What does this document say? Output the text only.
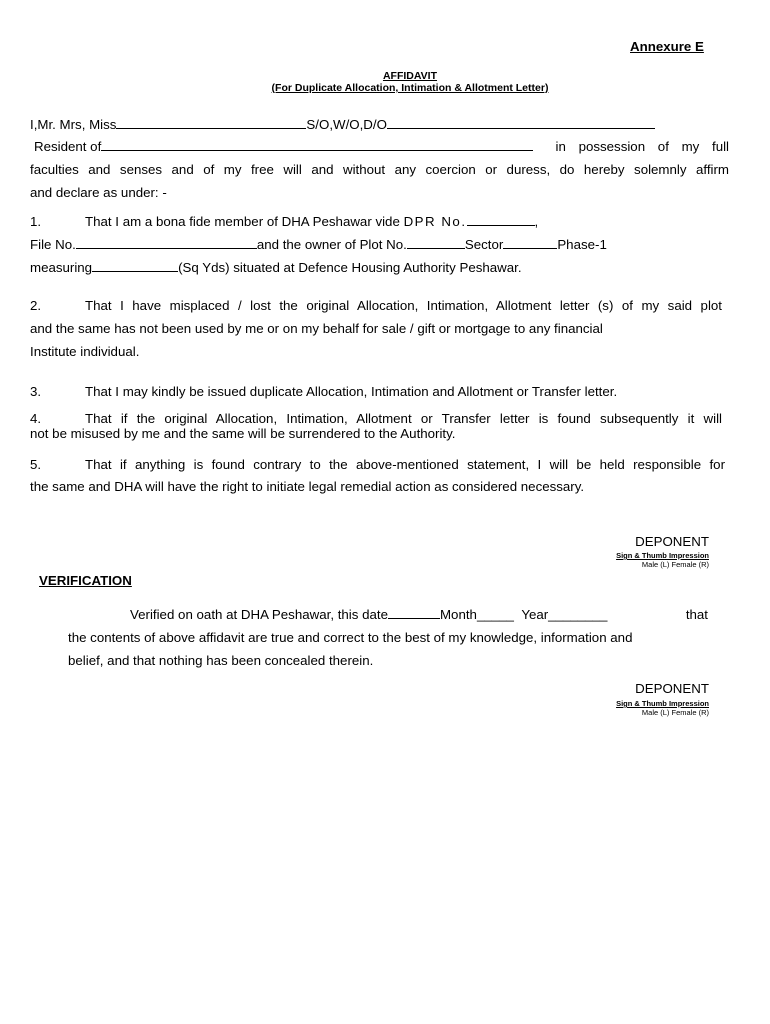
Annexure E
AFFIDAVIT
(For Duplicate Allocation, Intimation & Allotment Letter)
I,Mr. Mrs, Miss	S/O,W/O,D/O
Resident of	in possession of my full
faculties and senses and of my free will and without any coercion or duress, do hereby solemnly affirm
and declare as under: -
1.	That I am a bona fide member of DHA Peshawar vide DPR No.	,
File No.	and the owner of Plot No.	Sector	Phase-1
measuring	(Sq Yds) situated at Defence Housing Authority Peshawar.
2.	That I have misplaced / lost the original Allocation, Intimation, Allotment letter (s) of my said plot
and the same has not been used by me or on my behalf for sale / gift or mortgage to any financial
Institute individual.
3.	That I may kindly be issued duplicate Allocation, Intimation and Allotment or Transfer letter.
4.	That if the original Allocation, Intimation, Allotment or Transfer letter is found subsequently it will
not be misused by me and the same will be surrendered to the Authority.
5.	That if anything is found contrary to the above-mentioned statement, I will be held responsible for
the same and DHA will have the right to initiate legal remedial action as considered necessary.
DEPONENT
Sign & Thumb Impression
Male (L) Female (R)
VERIFICATION
Verified on oath at DHA Peshawar, this date	Month_____ Year________	that
the contents of above affidavit are true and correct to the best of my knowledge, information and
belief, and that nothing has been concealed therein.
DEPONENT
Sign & Thumb Impression
Male (L) Female (R)
